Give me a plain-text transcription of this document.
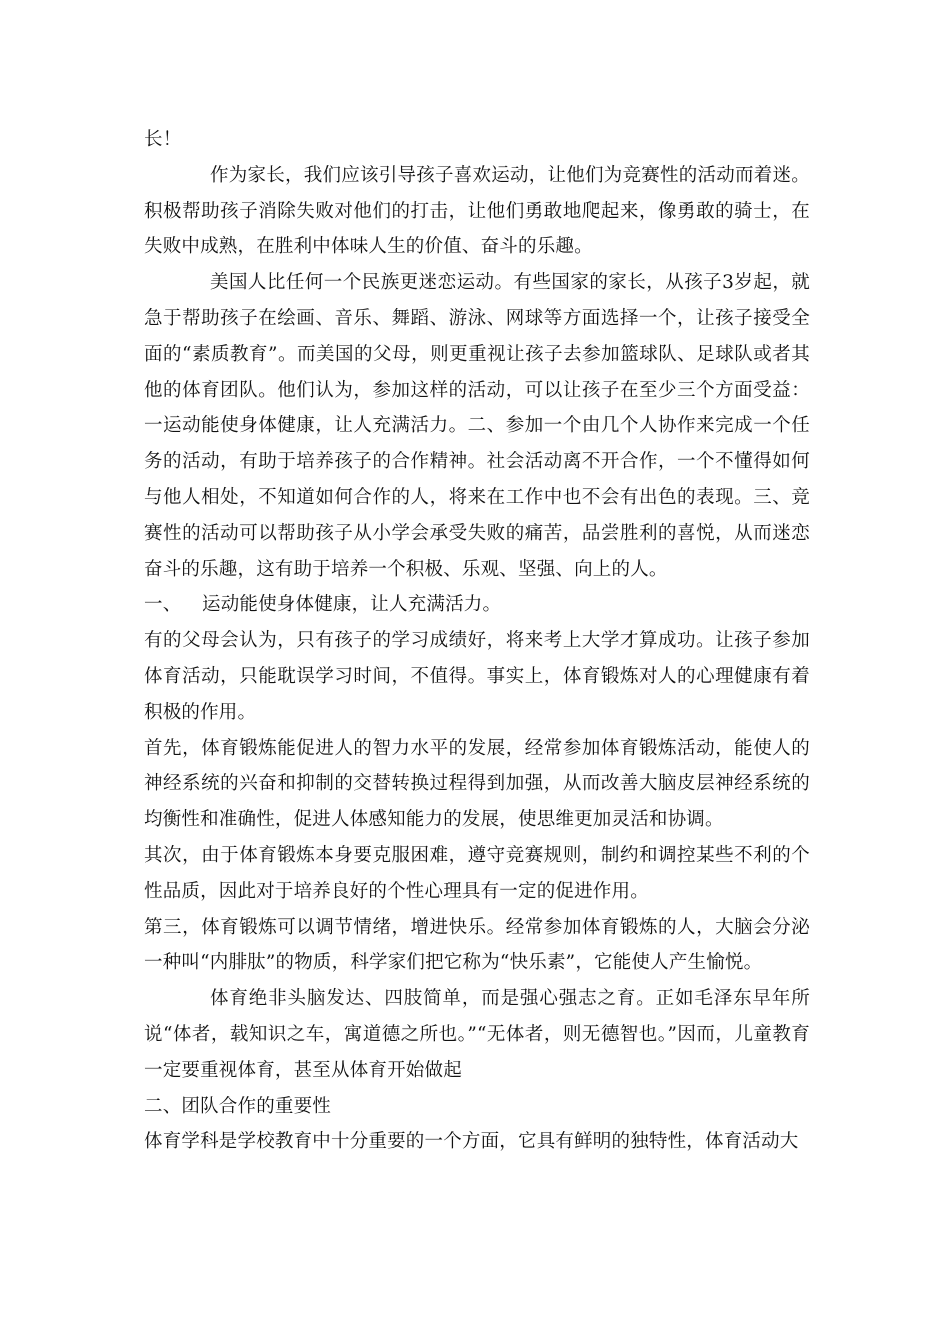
长！

作为家长，我们应该引导孩子喜欢运动，让他们为竞赛性的活动而着迷。积极帮助孩子消除失败对他们的打击，让他们勇敢地爬起来，像勇敢的骑士，在失败中成熟，在胜利中体味人生的价值、奋斗的乐趣。

美国人比任何一个民族更迷恋运动。有些国家的家长，从孩子3岁起，就急于帮助孩子在绘画、音乐、舞蹈、游泳、网球等方面选择一个，让孩子接受全面的“素质教育”。而美国的父母，则更重视让孩子去参加篮球队、足球队或者其他的体育团队。他们认为，参加这样的活动，可以让孩子在至少三个方面受益：一运动能使身体健康，让人充满活力。二、参加一个由几个人协作来完成一个任务的活动，有助于培养孩子的合作精神。社会活动离不开合作，一个不懂得如何与他人相处，不知道如何合作的人，将来在工作中也不会有出色的表现。三、竞赛性的活动可以帮助孩子从小学会承受失败的痛苦，品尝胜利的喜悦，从而迷恋奋斗的乐趣，这有助于培养一个积极、乐观、坚强、向上的人。

一、 运动能使身体健康，让人充满活力。

有的父母会认为，只有孩子的学习成绩好，将来考上大学才算成功。让孩子参加体育活动，只能耽误学习时间，不值得。事实上，体育锻炼对人的心理健康有着积极的作用。

首先，体育锻炼能促进人的智力水平的发展，经常参加体育锻炼活动，能使人的神经系统的兴奋和抑制的交替转换过程得到加强，从而改善大脑皮层神经系统的均衡性和准确性，促进人体感知能力的发展，使思维更加灵活和协调。

其次，由于体育锻炼本身要克服困难，遵守竞赛规则，制约和调控某些不利的个性品质，因此对于培养良好的个性心理具有一定的促进作用。

第三，体育锻炼可以调节情绪，增进快乐。经常参加体育锻炼的人，大脑会分泌一种叫“内腓肽”的物质，科学家们把它称为“快乐素”，它能使人产生愉悦。

体育绝非头脑发达、四肢简单，而是强心强志之育。正如毛泽东早年所说“体者，载知识之车，寓道德之所也。”“无体者，则无德智也。”因而，儿童教育一定要重视体育，甚至从体育开始做起

二、团队合作的重要性

体育学科是学校教育中十分重要的一个方面，它具有鲜明的独特性，体育活动大
